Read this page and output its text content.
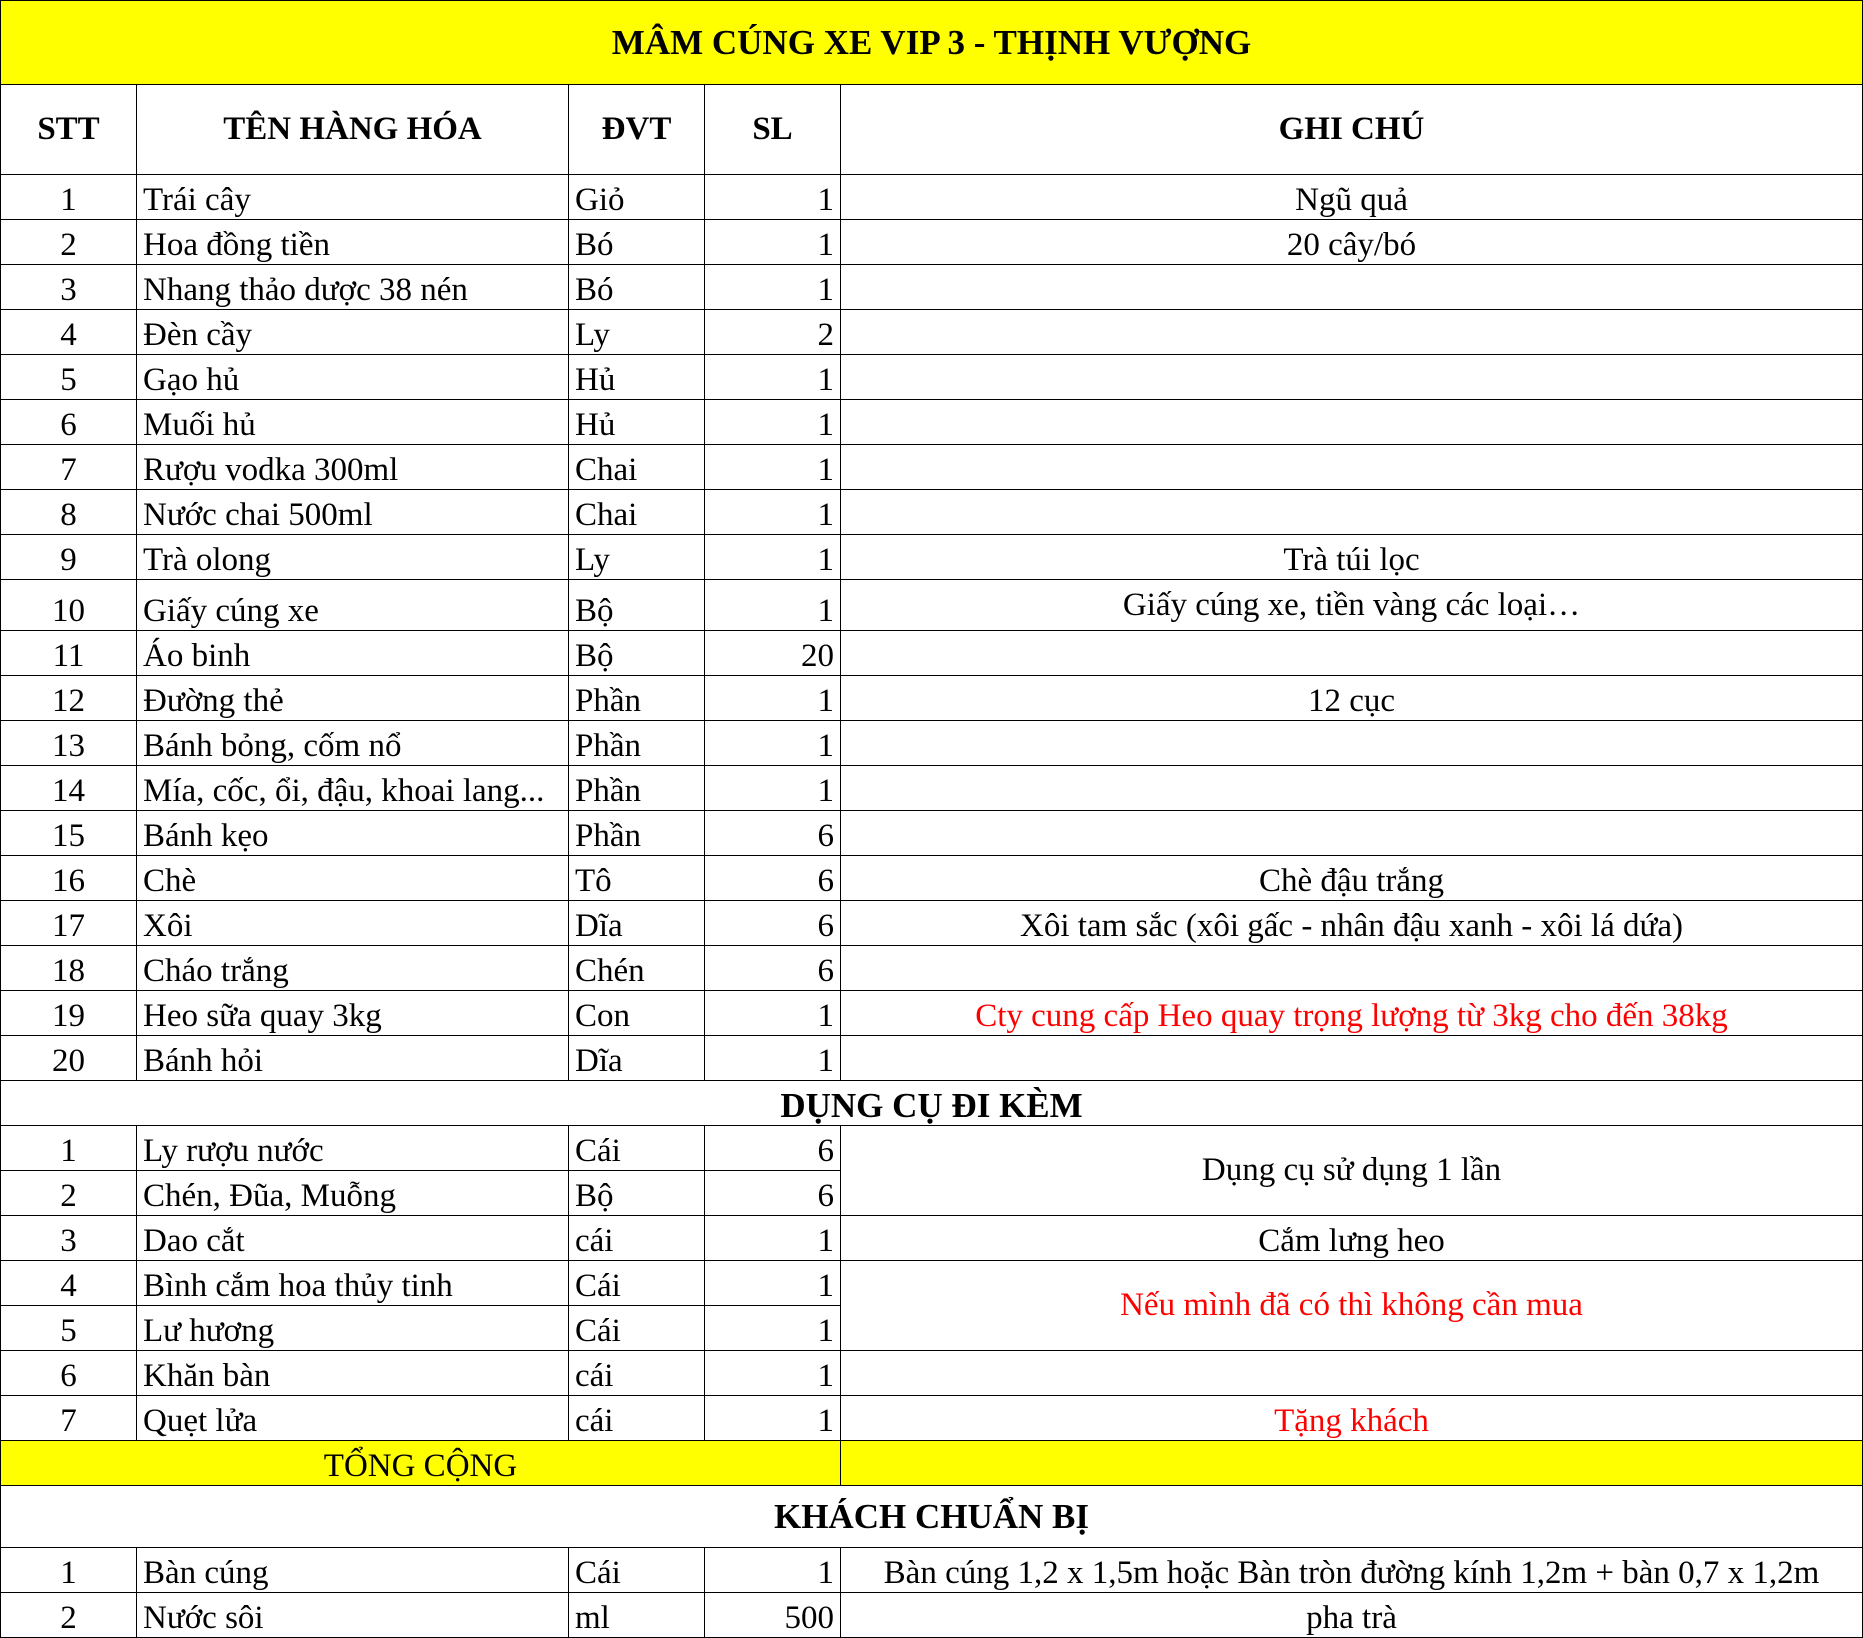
MÂM CÚNG XE VIP 3 - THỊNH VƯỢNG				
STT	TÊN HÀNG HÓA	ĐVT	SL	GHI CHÚ
1	Trái cây	Giỏ	1	Ngũ quả
2	Hoa đồng tiền	Bó	1	20 cây/bó
3	Nhang thảo dược 38 nén	Bó	1	
4	Đèn cầy	Ly	2	
5	Gạo hủ	Hủ	1	
6	Muối hủ	Hủ	1	
7	Rượu vodka 300ml	Chai	1	
8	Nước chai 500ml	Chai	1	
9	Trà olong	Ly	1	Trà túi lọc
10	Giấy cúng xe	Bộ	1	Giấy cúng xe, tiền vàng các loại…
11	Áo binh	Bộ	20	
12	Đường thẻ	Phần	1	12 cục
13	Bánh bỏng, cốm nổ	Phần	1	
14	Mía, cốc, ổi, đậu, khoai lang...	Phần	1	
15	Bánh kẹo	Phần	6	
16	Chè	Tô	6	Chè đậu trắng
17	Xôi	Dĩa	6	Xôi tam sắc (xôi gấc - nhân đậu xanh - xôi lá dứa)
18	Cháo trắng	Chén	6	
19	Heo sữa quay 3kg	Con	1	Cty cung cấp Heo quay trọng lượng từ 3kg cho đến 38kg
20	Bánh hỏi	Dĩa	1	
DỤNG CỤ ĐI KÈM				
1	Ly rượu nước	Cái	6	Dụng cụ sử dụng 1 lần
2	Chén, Đũa, Muỗng	Bộ	6	
3	Dao cắt	cái	1	Cắm lưng heo
4	Bình cắm hoa thủy tinh	Cái	1	Nếu mình đã có thì không cần mua
5	Lư hương	Cái	1	
6	Khăn bàn	cái	1	
7	Quẹt lửa	cái	1	Tặng khách
TỔNG CỘNG				
KHÁCH CHUẨN BỊ				
1	Bàn cúng	Cái	1	Bàn cúng 1,2 x 1,5m hoặc Bàn tròn đường kính 1,2m + bàn 0,7 x 1,2m
2	Nước sôi	ml	500	pha trà
